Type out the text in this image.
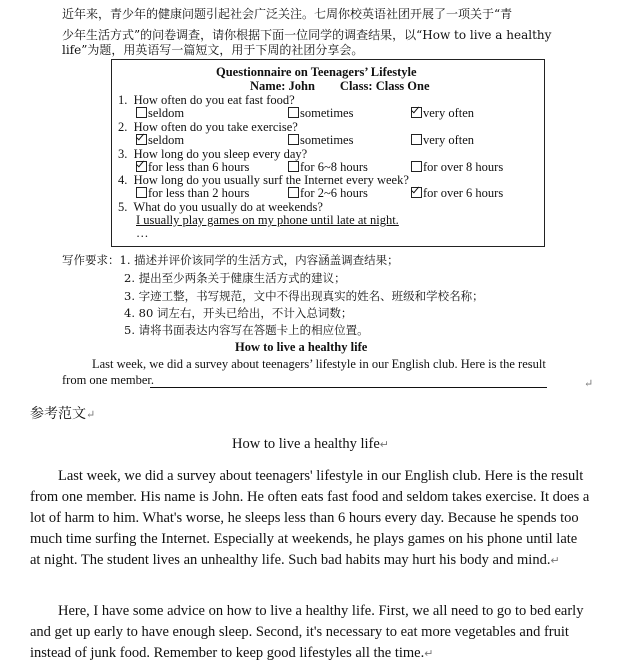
近年来，青少年的健康问题引起社会广泛关注。七周你校英语社团开展了一项关于“青
少年生活方式”的问卷调查，请你根据下面一位同学的调查结果，以“How to live a healthy
life”为题，用英语写一篇短文，用于下周的社团分享会。
Questionnaire on Teenagers’ Lifestyle
Name: John        Class: Class One
1. How often do you eat fast food?
seldom	sometimes	very often
2. How often do you take exercise?
seldom	sometimes	very often
3. How long do you sleep every day?
for less than 6 hours	for 6~8 hours	for over 8 hours
4. How long do you usually surf the Internet every week?
for less than 2 hours	for 2~6 hours	for over 6 hours
5. What do you usually do at weekends?
I usually play games on my phone until late at night.
…
写作要求：1. 描述并评价该同学的生活方式，内容涵盖调查结果；
2. 提出至少两条关于健康生活方式的建议；
3. 字迹工整，书写规范，文中不得出现真实的姓名、班级和学校名称；
4. 80 词左右，开头已给出，不计入总词数；
5. 请将书面表达内容写在答题卡上的相应位置。
How to live a healthy life
Last week, we did a survey about teenagers’ lifestyle in our English club. Here is the result
from one member.	↵
参考范文↵
How to live a healthy life↵
Last week, we did a survey about teenagers' lifestyle in our English club. Here is the result from one member. His name is John. He often eats fast food and seldom takes exercise. It does a lot of harm to him. What's worse, he sleeps less than 6 hours every day. Because he spends too much time surfing the Internet. Especially at weekends, he plays games on his phone until late at night. The student lives an unhealthy life. Such bad habits may hurt his body and mind.↵
Here, I have some advice on how to live a healthy life. First, we all need to go to bed early and get up early to have enough sleep. Second, it's necessary to eat more vegetables and fruit instead of junk food. Remember to keep good lifestyles all the time.↵
